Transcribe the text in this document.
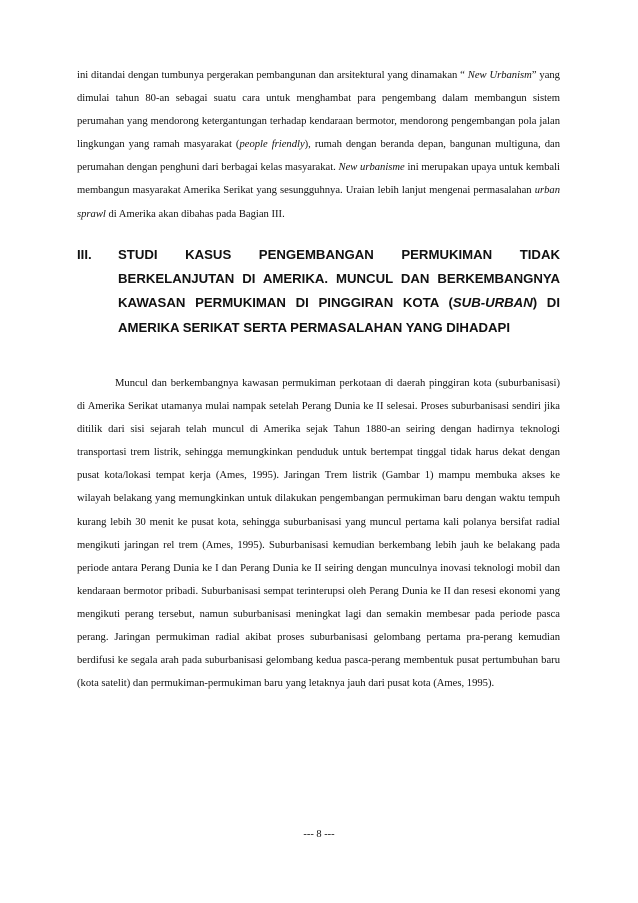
ini ditandai dengan tumbunya pergerakan pembangunan dan arsitektural yang dinamakan “ New Urbanism” yang dimulai tahun 80-an sebagai suatu cara untuk menghambat para pengembang dalam membangun sistem perumahan yang mendorong ketergantungan terhadap kendaraan bermotor, mendorong pengembangan pola jalan lingkungan yang ramah masyarakat (people friendly), rumah dengan beranda depan, bangunan multiguna, dan perumahan dengan penghuni dari berbagai kelas masyarakat. New urbanisme ini merupakan upaya untuk kembali membangun masyarakat Amerika Serikat yang sesungguhnya. Uraian lebih lanjut mengenai permasalahan urban sprawl di Amerika akan dibahas pada Bagian III.
III. STUDI KASUS PENGEMBANGAN PERMUKIMAN TIDAK BERKELANJUTAN DI AMERIKA. MUNCUL DAN BERKEMBANGNYA KAWASAN PERMUKIMAN DI PINGGIRAN KOTA (SUB-URBAN) DI AMERIKA SERIKAT SERTA PERMASALAHAN YANG DIHADAPI
Muncul dan berkembangnya kawasan permukiman perkotaan di daerah pinggiran kota (suburbanisasi) di Amerika Serikat utamanya mulai nampak setelah Perang Dunia ke II selesai. Proses suburbanisasi sendiri jika ditilik dari sisi sejarah telah muncul di Amerika sejak Tahun 1880-an seiring dengan hadirnya teknologi transportasi trem listrik, sehingga memungkinkan penduduk untuk bertempat tinggal tidak harus dekat dengan pusat kota/lokasi tempat kerja (Ames, 1995). Jaringan Trem listrik (Gambar 1) mampu membuka akses ke wilayah belakang yang memungkinkan untuk dilakukan pengembangan permukiman baru dengan waktu tempuh kurang lebih 30 menit ke pusat kota, sehingga suburbanisasi yang muncul pertama kali polanya bersifat radial mengikuti jaringan rel trem (Ames, 1995). Suburbanisasi kemudian berkembang lebih jauh ke belakang pada periode antara Perang Dunia ke I dan Perang Dunia ke II seiring dengan munculnya inovasi teknologi mobil dan kendaraan bermotor pribadi. Suburbanisasi sempat terinterupsi oleh Perang Dunia ke II dan resesi ekonomi yang mengikuti perang tersebut, namun suburbanisasi meningkat lagi dan semakin membesar pada periode pasca perang. Jaringan permukiman radial akibat proses suburbanisasi gelombang pertama pra-perang kemudian berdifusi ke segala arah pada suburbanisasi gelombang kedua pasca-perang membentuk pusat pertumbuhan baru (kota satelit) dan permukiman-permukiman baru yang letaknya jauh dari pusat kota (Ames, 1995).
--- 8 ---
